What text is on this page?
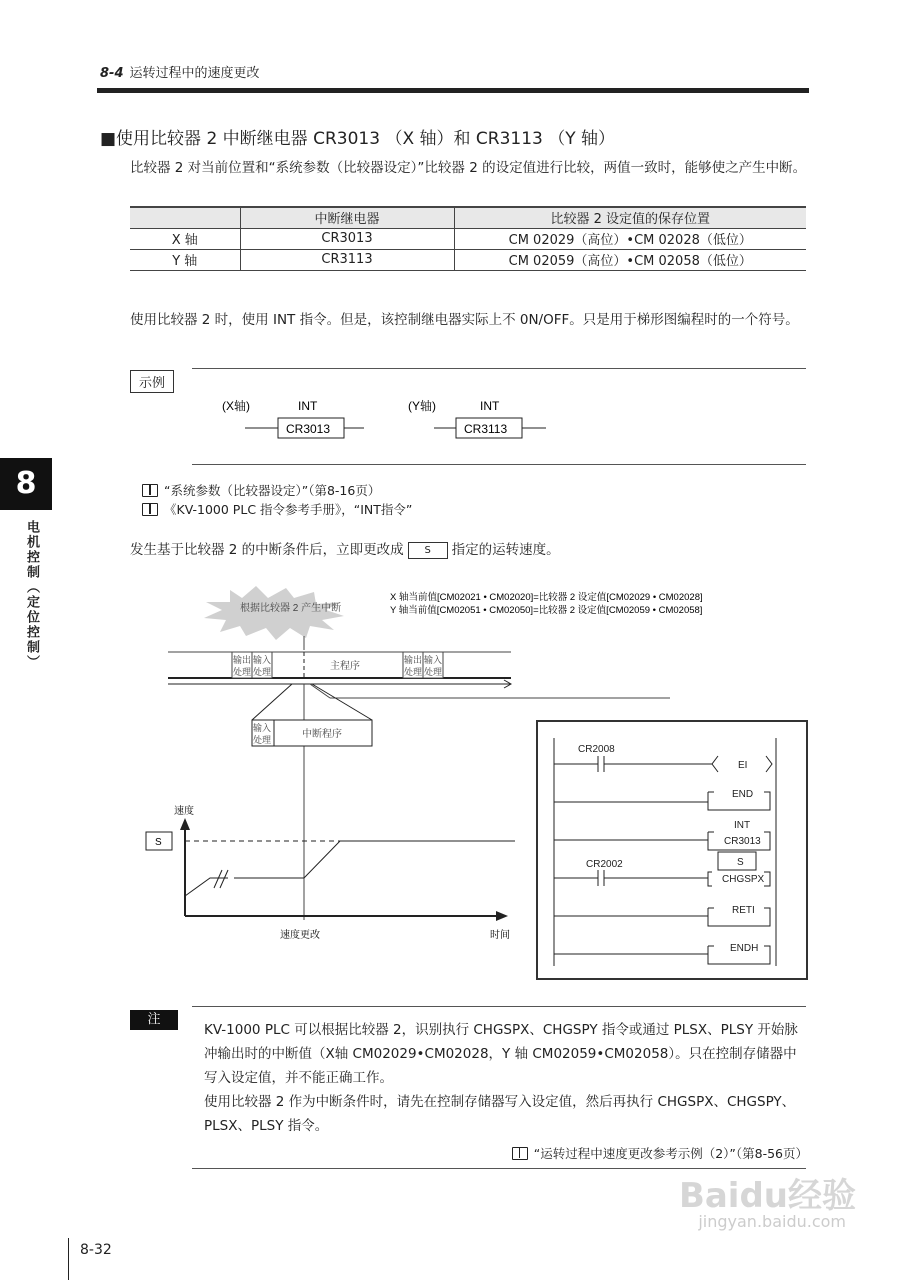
8-4 运转过程中的速度更改
8
电机控制（定位控制）
■使用比较器 2 中断继电器 CR3013 （X 轴）和 CR3113 （Y 轴）
比较器 2 对当前位置和“系统参数（比较器设定）”比较器 2 的设定值进行比较，两值一致时，能够使之产生中断。
	中断继电器	比较器 2 设定值的保存位置
X 轴	CR3013	CM 02029（高位）•CM 02028（低位）
Y 轴	CR3113	CM 02059（高位）•CM 02058（低位）
使用比较器 2 时，使用 INT 指令。但是，该控制继电器实际上不 0N/OFF。只是用于梯形图编程时的一个符号。
示例
(X轴)	INT
CR3013
(Y轴)	INT
CR3113
“系统参数（比较器设定）”（第8-16页）
《KV-1000 PLC 指令参考手册》，“INT指令”
发生基于比较器 2 的中断条件后，立即更改成 S 指定的运转速度。
根据比较器 2 产生中断
X 轴当前值[CM02021 • CM02020]=比较器 2 设定值[CM02029 • CM02028]
Y 轴当前值[CM02051 • CM02050]=比较器 2 设定值[CM02059 • CM02058]
输出
处理
输入
处理
输出
处理
输入
处理
主程序
输入
处理	中断程序
速度
S
速度更改	时间
CR2008
EI
END
INT
CR3013
CR2002	S
CHGSPX
RETI
ENDH
注
KV-1000 PLC 可以根据比较器 2，识别执行 CHGSPX、CHGSPY 指令或通过 PLSX、PLSY 开始脉冲输出时的中断值（X轴 CM02029•CM02028，Y 轴 CM02059•CM02058）。只在控制存储器中写入设定值，并不能正确工作。
使用比较器 2 作为中断条件时，请先在控制存储器写入设定值，然后再执行 CHGSPX、CHGSPY、PLSX、PLSY 指令。
“运转过程中速度更改参考示例（2）”（第8-56页）
Baidu经验
jingyan.baidu.com
8-32
